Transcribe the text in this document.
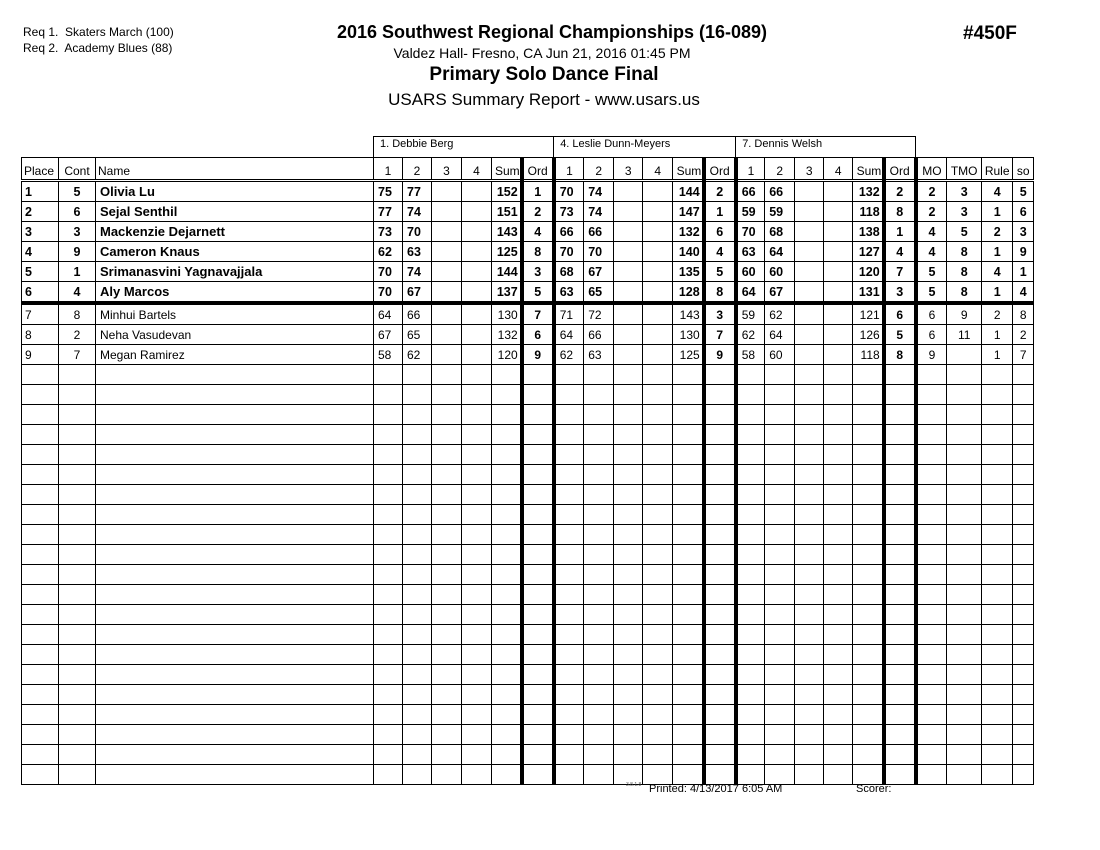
Req 1. Skaters March (100)
Req 2. Academy Blues (88)
2016 Southwest Regional Championships (16-089)
Valdez Hall- Fresno, CA Jun 21, 2016 01:45 PM
Primary Solo Dance Final
USARS Summary Report - www.usars.us
#450F
			1. Debbie Berg						4. Leslie Dunn-Meyers						7. Dennis Welsh									
Place	Cont	Name	1	2	3	4	Sum	Ord	1	2	3	4	Sum	Ord	1	2	3	4	Sum	Ord	MO	TMO	Rule	so
1	5	Olivia Lu	75	77			152	1	70	74			144	2	66	66			132	2	2	3	4	5
2	6	Sejal Senthil	77	74			151	2	73	74			147	1	59	59			118	8	2	3	1	6
3	3	Mackenzie Dejarnett	73	70			143	4	66	66			132	6	70	68			138	1	4	5	2	3
4	9	Cameron Knaus	62	63			125	8	70	70			140	4	63	64			127	4	4	8	1	9
5	1	Srimanasvini Yagnavajjala	70	74			144	3	68	67			135	5	60	60			120	7	5	8	4	1
6	4	Aly Marcos	70	67			137	5	63	65			128	8	64	67			131	3	5	8	1	4
7	8	Minhui Bartels	64	66			130	7	71	72			143	3	59	62			121	6	6	9	2	8
8	2	Neha Vasudevan	67	65			132	6	64	66			130	7	62	64			126	5	6	11	1	2
9	7	Megan Ramirez	58	62			120	9	62	63			125	9	58	60			118	8	9		1	7

3.8.1.8 Printed: 4/13/2017 6:05 AM	Scorer:
